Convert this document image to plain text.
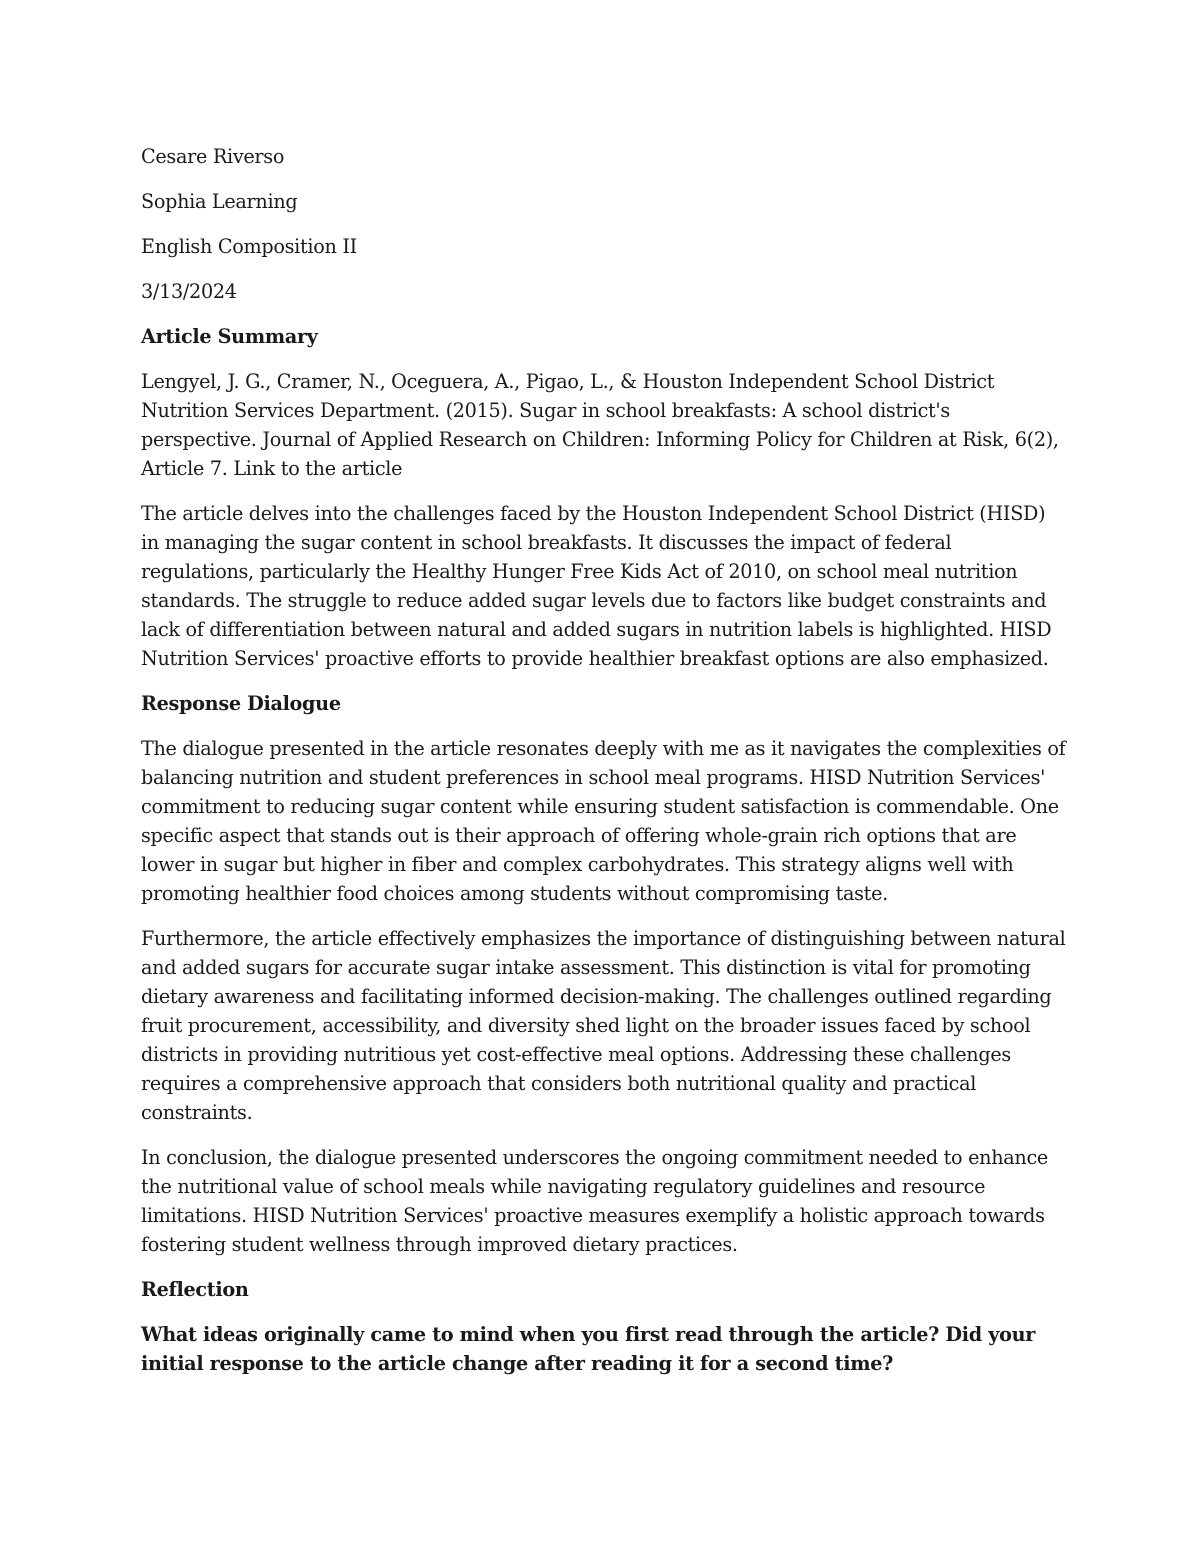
Cesare Riverso

Sophia Learning

English Composition II

3/13/2024

Article Summary

Lengyel, J. G., Cramer, N., Oceguera, A., Pigao, L., & Houston Independent School District Nutrition Services Department. (2015). Sugar in school breakfasts: A school district's perspective. Journal of Applied Research on Children: Informing Policy for Children at Risk, 6(2), Article 7. Link to the article

The article delves into the challenges faced by the Houston Independent School District (HISD) in managing the sugar content in school breakfasts. It discusses the impact of federal regulations, particularly the Healthy Hunger Free Kids Act of 2010, on school meal nutrition standards. The struggle to reduce added sugar levels due to factors like budget constraints and lack of differentiation between natural and added sugars in nutrition labels is highlighted. HISD Nutrition Services' proactive efforts to provide healthier breakfast options are also emphasized.

Response Dialogue

The dialogue presented in the article resonates deeply with me as it navigates the complexities of balancing nutrition and student preferences in school meal programs. HISD Nutrition Services' commitment to reducing sugar content while ensuring student satisfaction is commendable. One specific aspect that stands out is their approach of offering whole-grain rich options that are lower in sugar but higher in fiber and complex carbohydrates. This strategy aligns well with promoting healthier food choices among students without compromising taste.

Furthermore, the article effectively emphasizes the importance of distinguishing between natural and added sugars for accurate sugar intake assessment. This distinction is vital for promoting dietary awareness and facilitating informed decision-making. The challenges outlined regarding fruit procurement, accessibility, and diversity shed light on the broader issues faced by school districts in providing nutritious yet cost-effective meal options. Addressing these challenges requires a comprehensive approach that considers both nutritional quality and practical constraints.

In conclusion, the dialogue presented underscores the ongoing commitment needed to enhance the nutritional value of school meals while navigating regulatory guidelines and resource limitations. HISD Nutrition Services' proactive measures exemplify a holistic approach towards fostering student wellness through improved dietary practices.

Reflection

What ideas originally came to mind when you first read through the article? Did your initial response to the article change after reading it for a second time?
